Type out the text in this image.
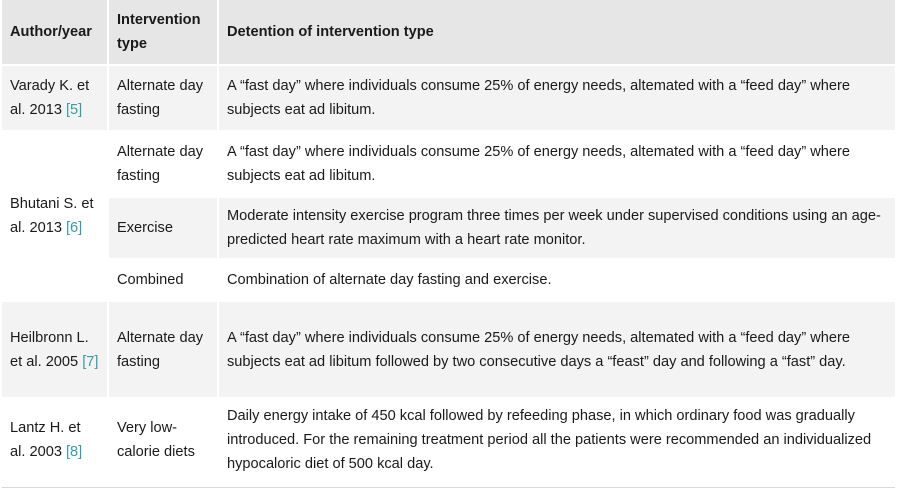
Author/year	Intervention type	Detention of intervention type
Varady K. et al. 2013 [5]	Alternate day fasting	A “fast day” where individuals consume 25% of energy needs, altemated with a “feed day” where subjects eat ad libitum.
Bhutani S. et al. 2013 [6]	Alternate day fasting	A “fast day” where individuals consume 25% of energy needs, altemated with a “feed day” where subjects eat ad libitum.
	Exercise	Moderate intensity exercise program three times per week under supervised conditions using an age-predicted heart rate maximum with a heart rate monitor.
	Combined	Combination of alternate day fasting and exercise.
Heilbronn L. et al. 2005 [7]	Alternate day fasting	A “fast day” where individuals consume 25% of energy needs, altemated with a “feed day” where subjects eat ad libitum followed by two consecutive days a “feast” day and following a “fast” day.
Lantz H. et al. 2003 [8]	Very low-calorie diets	Daily energy intake of 450 kcal followed by refeeding phase, in which ordinary food was gradually introduced. For the remaining treatment period all the patients were recommended an individualized hypocaloric diet of 500 kcal day.
